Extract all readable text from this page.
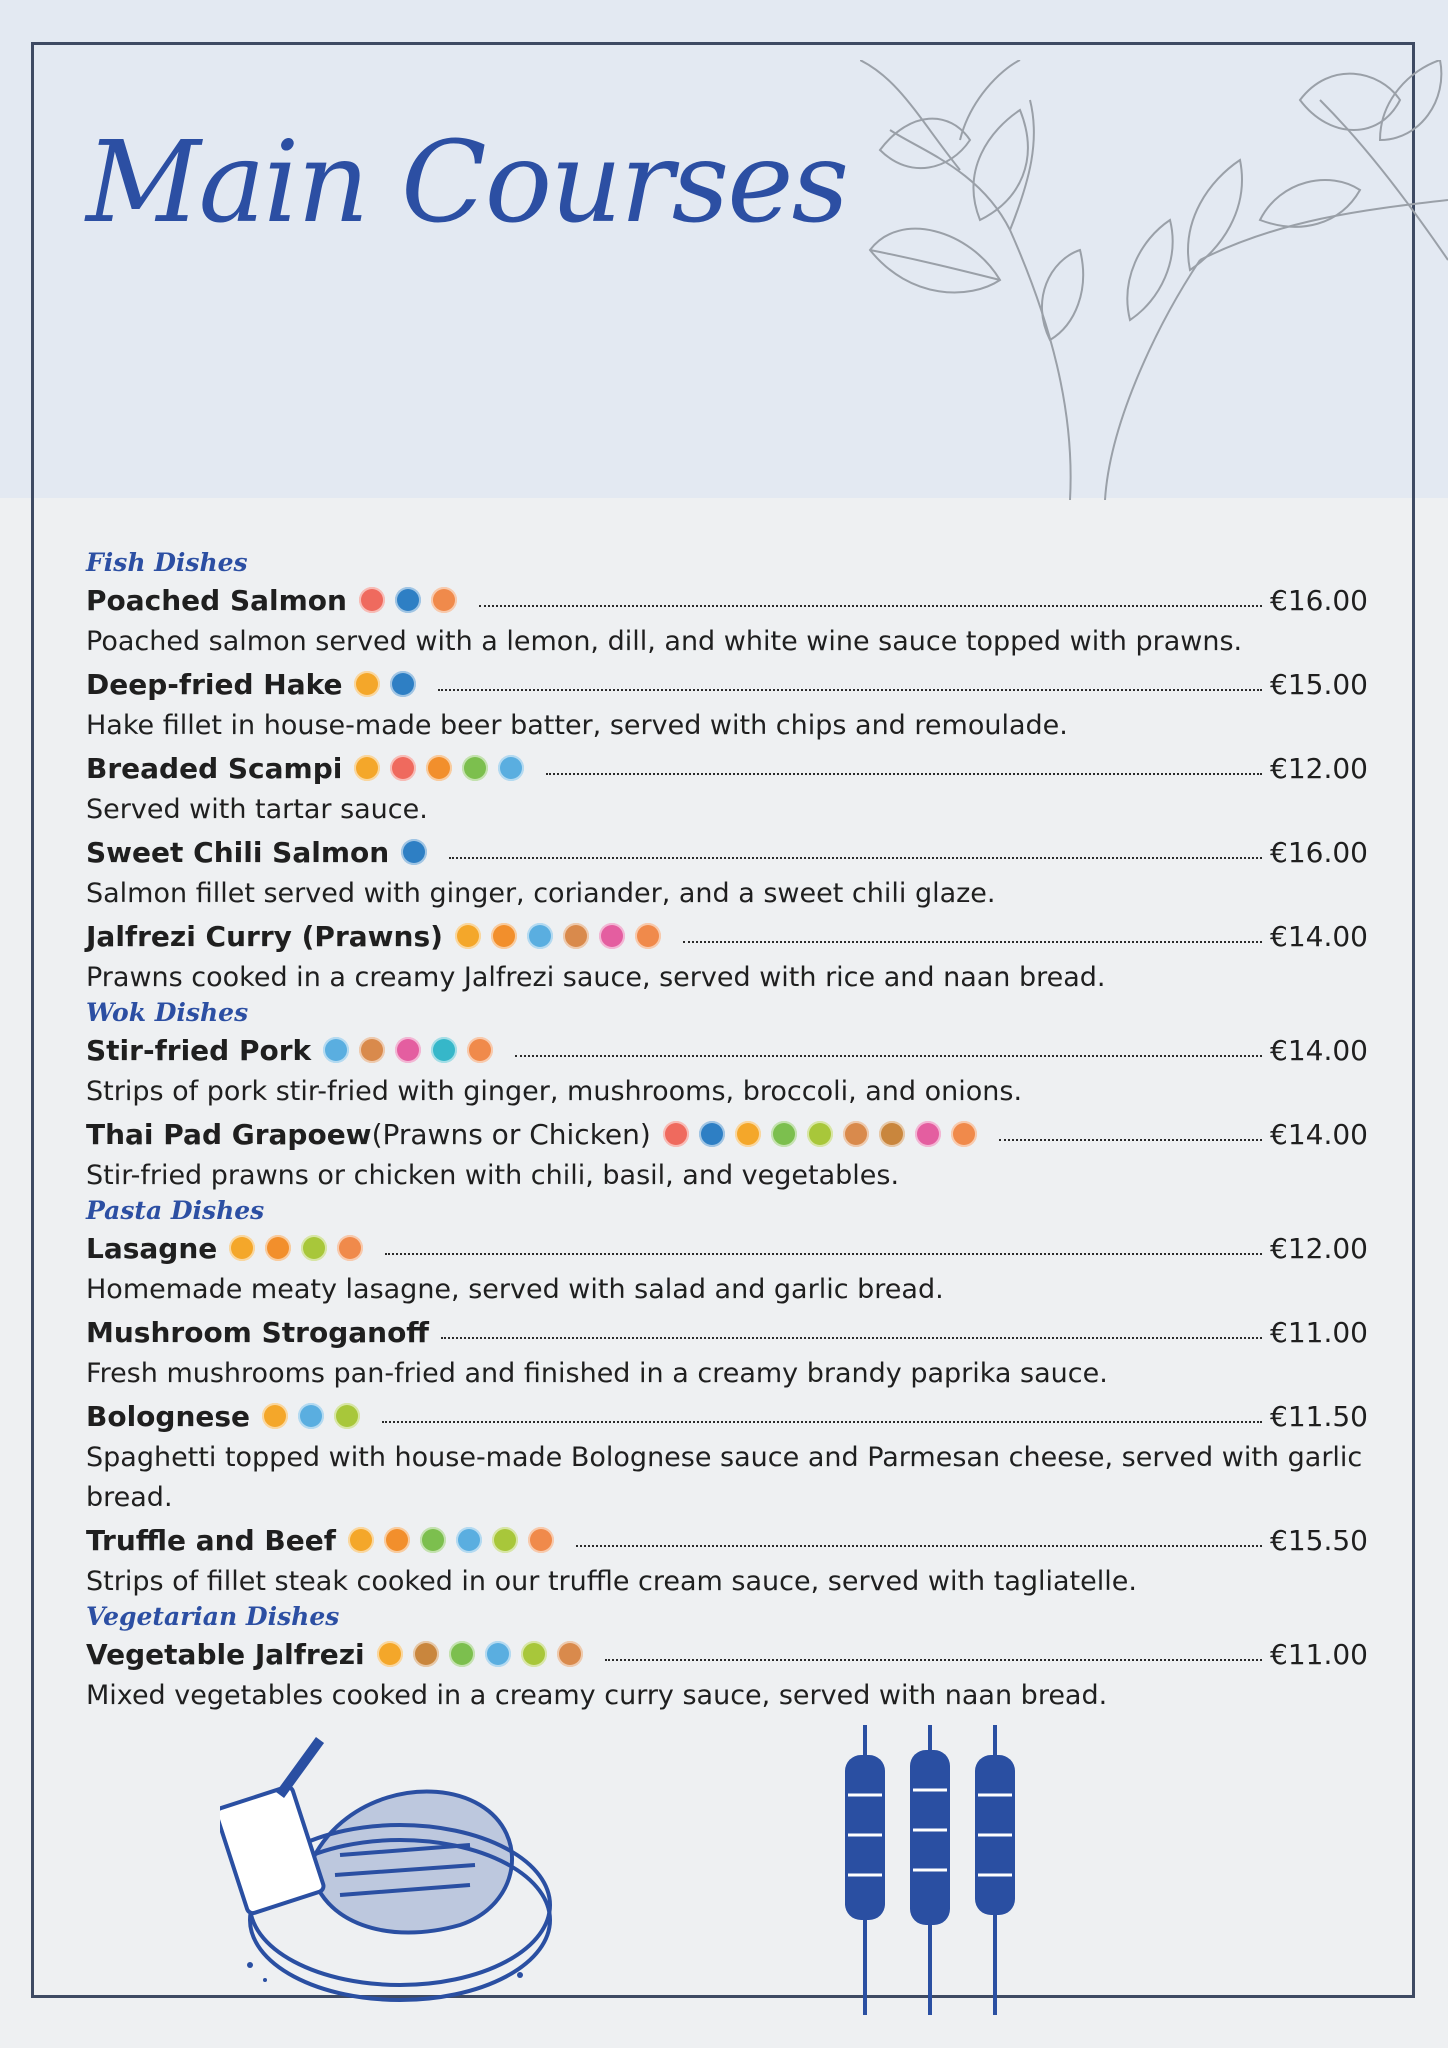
Main Courses
Fish Dishes
Poached Salmon	€16.00

Poached salmon served with a lemon, dill, and white wine sauce topped with prawns.

Deep-fried Hake	€15.00

Hake fillet in house-made beer batter, served with chips and remoulade.

Breaded Scampi	€12.00

Served with tartar sauce.

Sweet Chili Salmon	€16.00

Salmon fillet served with ginger, coriander, and a sweet chili glaze.

Jalfrezi Curry (Prawns)	€14.00

Prawns cooked in a creamy Jalfrezi sauce, served with rice and naan bread.

Wok Dishes
Stir-fried Pork	€14.00

Strips of pork stir-fried with ginger, mushrooms, broccoli, and onions.

Thai Pad Grapoew (Prawns or Chicken)	€14.00

Stir-fried prawns or chicken with chili, basil, and vegetables.

Pasta Dishes
Lasagne	€12.00

Homemade meaty lasagne, served with salad and garlic bread.

Mushroom Stroganoff	€11.00

Fresh mushrooms pan-fried and finished in a creamy brandy paprika sauce.

Bolognese	€11.50

Spaghetti topped with house-made Bolognese sauce and Parmesan cheese, served with garlic bread.

Truffle and Beef	€15.50

Strips of fillet steak cooked in our truffle cream sauce, served with tagliatelle.

Vegetarian Dishes
Vegetable Jalfrezi	€11.00

Mixed vegetables cooked in a creamy curry sauce, served with naan bread.
